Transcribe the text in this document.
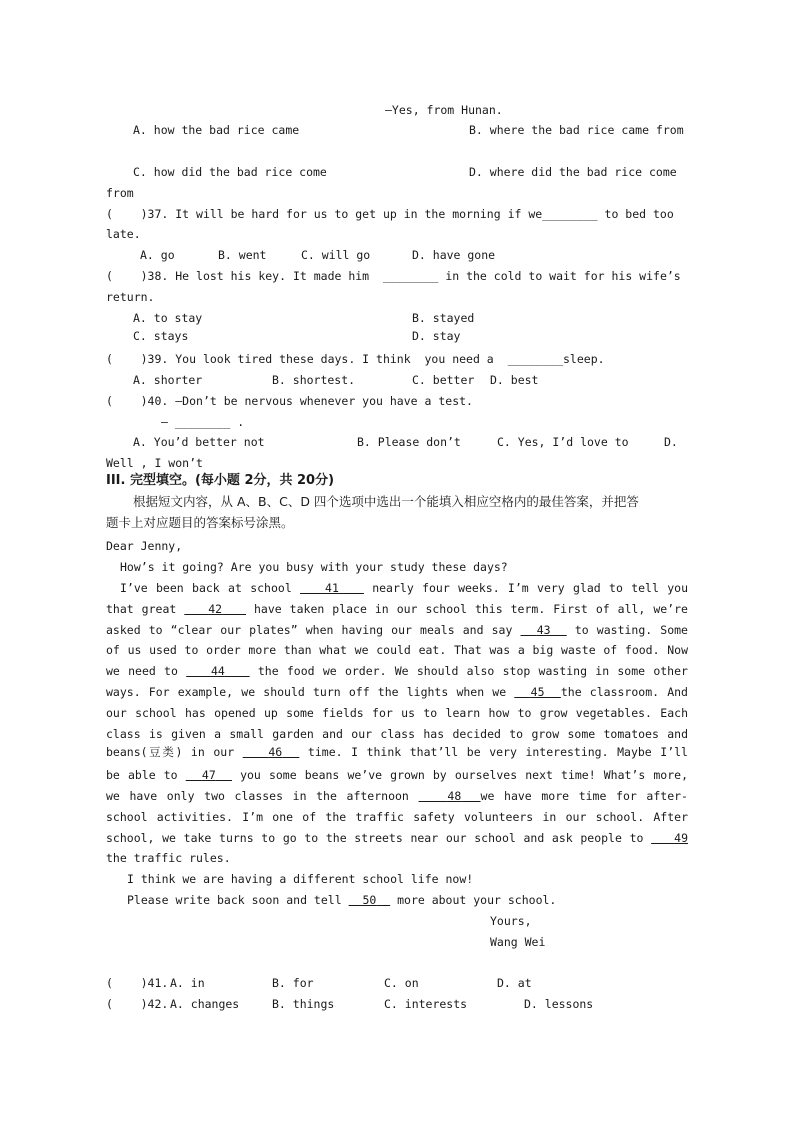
—Yes, from Hunan.
A. how the bad rice came	B. where the bad rice came from
C. how did the bad rice come	D. where did the bad rice come
from
(    )37. It will be hard for us to get up in the morning if we________ to bed too
late.
A. go	B. went	C. will go	D. have gone
(    )38. He lost his key. It made him ________ in the cold to wait for his wife’s
return.
A. to stay	B. stayed
C. stays	D. stay
(    )39. You look tired these days. I think  you need a ________sleep.
A. shorter	B. shortest.	C. better D. best
(    )40. —Don’t be nervous whenever you have a test.
— ________ .
A. You’d better not	B. Please don’t	C. Yes, I’d love to	D.
Well , I won’t
III. 完型填空。(每小题 2分，共 20分)
根据短文内容，从 A、B、C、D 四个选项中选出一个能填入相应空格内的最佳答案，并把答
题卡上对应题目的答案标号涂黑。
Dear Jenny,
How’s it going? Are you busy with your study these days?
I’ve been back at school	41	nearly four weeks. I’m very glad to tell you
that great	42	have taken place in our school this term. First of all, we’re
asked to “clear our plates” when having our meals and say 43 to wasting. Some
of us used to order more than what we could eat. That was a big waste of food. Now
we need to	44	the food we order. We should also stop wasting in some other
ways. For example, we should turn off the lights when we 45 the classroom. And
our school has opened up some fields for us to learn how to grow vegetables. Each
class is given a small garden and our class has decided to grow some tomatoes and
beans(豆类) in our	46 time. I think that’ll be very interesting. Maybe I’ll
be able to 47 you some beans we’ve grown by ourselves next time! What’s more,
we have only two classes in the afternoon	48 we have more time for after-
school activities. I’m one of the traffic safety volunteers in our school. After
school, we take turns to go to the streets near our school and ask people to	49
the traffic rules.
I think we are having a different school life now!
Please write back soon and tell 50 more about your school.
Yours,
Wang Wei
(    )41. A. in	B. for	C. on	D. at
(    )42. A. changes	B. things	C. interests	D. lessons
